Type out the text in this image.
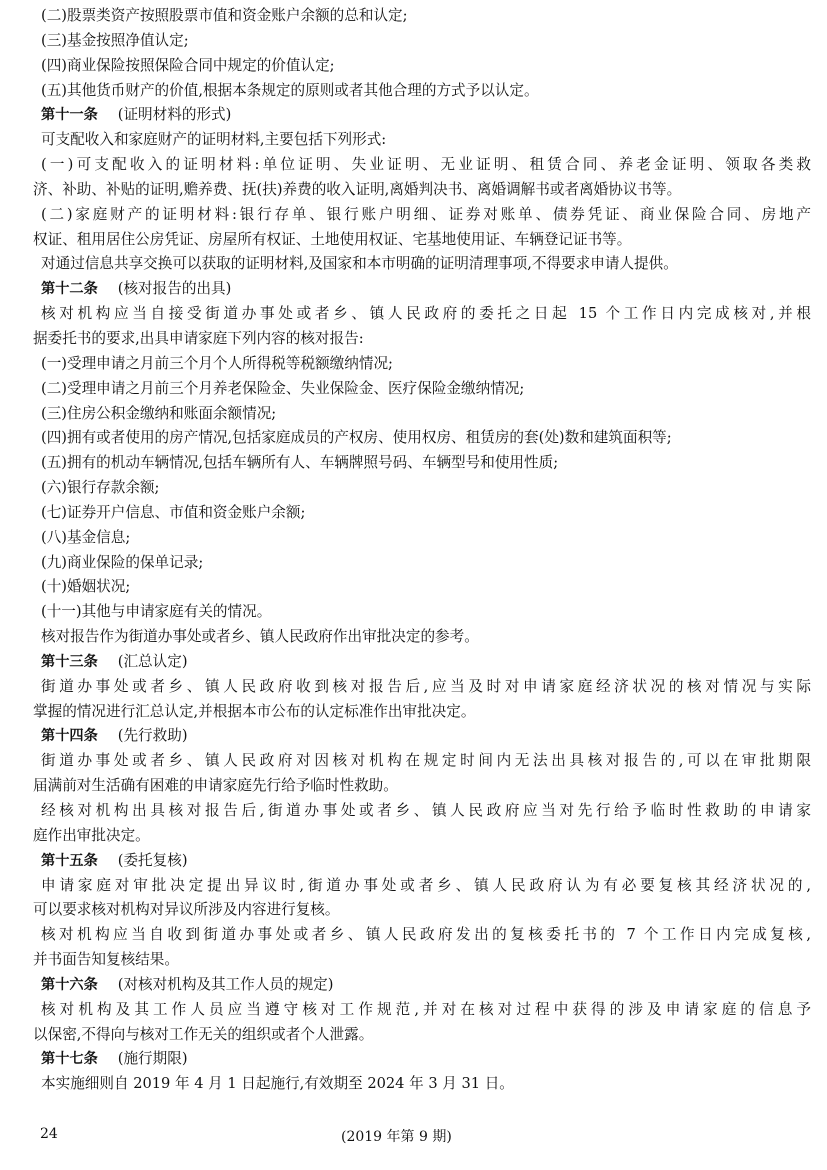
(二)股票类资产按照股票市值和资金账户余额的总和认定;
(三)基金按照净值认定;
(四)商业保险按照保险合同中规定的价值认定;
(五)其他货币财产的价值,根据本条规定的原则或者其他合理的方式予以认定。
第十一条 (证明材料的形式)
可支配收入和家庭财产的证明材料,主要包括下列形式:
(一)可支配收入的证明材料:单位证明、失业证明、无业证明、租赁合同、养老金证明、领取各类救
济、补助、补贴的证明,赡养费、抚(扶)养费的收入证明,离婚判决书、离婚调解书或者离婚协议书等。
(二)家庭财产的证明材料:银行存单、银行账户明细、证券对账单、债券凭证、商业保险合同、房地产
权证、租用居住公房凭证、房屋所有权证、土地使用权证、宅基地使用证、车辆登记证书等。
对通过信息共享交换可以获取的证明材料,及国家和本市明确的证明清理事项,不得要求申请人提供。
第十二条 (核对报告的出具)
核对机构应当自接受街道办事处或者乡、镇人民政府的委托之日起 15 个工作日内完成核对,并根
据委托书的要求,出具申请家庭下列内容的核对报告:
(一)受理申请之月前三个月个人所得税等税额缴纳情况;
(二)受理申请之月前三个月养老保险金、失业保险金、医疗保险金缴纳情况;
(三)住房公积金缴纳和账面余额情况;
(四)拥有或者使用的房产情况,包括家庭成员的产权房、使用权房、租赁房的套(处)数和建筑面积等;
(五)拥有的机动车辆情况,包括车辆所有人、车辆牌照号码、车辆型号和使用性质;
(六)银行存款余额;
(七)证券开户信息、市值和资金账户余额;
(八)基金信息;
(九)商业保险的保单记录;
(十)婚姻状况;
(十一)其他与申请家庭有关的情况。
核对报告作为街道办事处或者乡、镇人民政府作出审批决定的参考。
第十三条 (汇总认定)
街道办事处或者乡、镇人民政府收到核对报告后,应当及时对申请家庭经济状况的核对情况与实际
掌握的情况进行汇总认定,并根据本市公布的认定标准作出审批决定。
第十四条 (先行救助)
街道办事处或者乡、镇人民政府对因核对机构在规定时间内无法出具核对报告的,可以在审批期限
届满前对生活确有困难的申请家庭先行给予临时性救助。
经核对机构出具核对报告后,街道办事处或者乡、镇人民政府应当对先行给予临时性救助的申请家
庭作出审批决定。
第十五条 (委托复核)
申请家庭对审批决定提出异议时,街道办事处或者乡、镇人民政府认为有必要复核其经济状况的,
可以要求核对机构对异议所涉及内容进行复核。
核对机构应当自收到街道办事处或者乡、镇人民政府发出的复核委托书的 7 个工作日内完成复核,
并书面告知复核结果。
第十六条 (对核对机构及其工作人员的规定)
核对机构及其工作人员应当遵守核对工作规范,并对在核对过程中获得的涉及申请家庭的信息予
以保密,不得向与核对工作无关的组织或者个人泄露。
第十七条 (施行期限)
本实施细则自 2019 年 4 月 1 日起施行,有效期至 2024 年 3 月 31 日。
24	(2019 年第 9 期)
